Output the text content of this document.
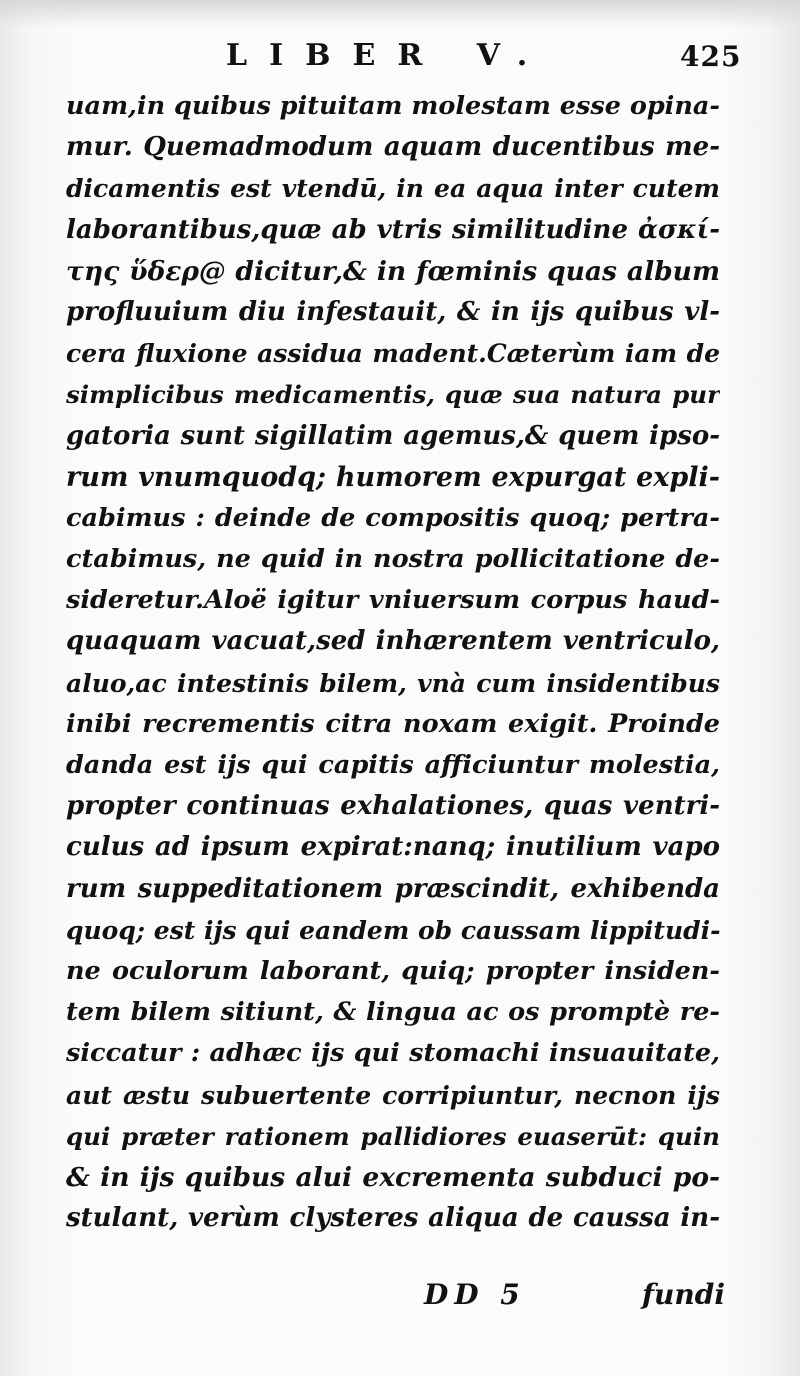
LIBER V.	425
uam,in quibus pituitam molestam esse opina-
mur. Quemadmodum aquam ducentibus me-
dicamentis est vtendū, in ea aqua inter cutem
laborantibus,quæ ab vtris similitudine ἀσκί-
της ὕδερ@ dicitur,& in fœminis quas album
profluuium diu infestauit, & in ijs quibus vl-
cera fluxione assidua madent.Cæterùm iam de
simplicibus medicamentis, quæ sua natura pur
gatoria sunt sigillatim agemus,& quem ipso-
rum vnumquodq; humorem expurgat expli-
cabimus : deinde de compositis quoq; pertra-
ctabimus, ne quid in nostra pollicitatione de-
sideretur.Aloë igitur vniuersum corpus haud-
quaquam vacuat,sed inhærentem ventriculo,
aluo,ac intestinis bilem, vnà cum insidentibus
inibi recrementis citra noxam exigit. Proinde
danda est ijs qui capitis afficiuntur molestia,
propter continuas exhalationes, quas ventri-
culus ad ipsum expirat:nanq; inutilium vapo
rum suppeditationem præscindit, exhibenda
quoq; est ijs qui eandem ob caussam lippitudi-
ne oculorum laborant, quiq; propter insiden-
tem bilem sitiunt, & lingua ac os promptè re-
siccatur : adhæc ijs qui stomachi insuauitate,
aut æstu subuertente corripiuntur, necnon ijs
qui præter rationem pallidiores euaserūt: quin
& in ijs quibus alui excrementa subduci po-
stulant, verùm clysteres aliqua de caussa in-
DD 5	fundi
